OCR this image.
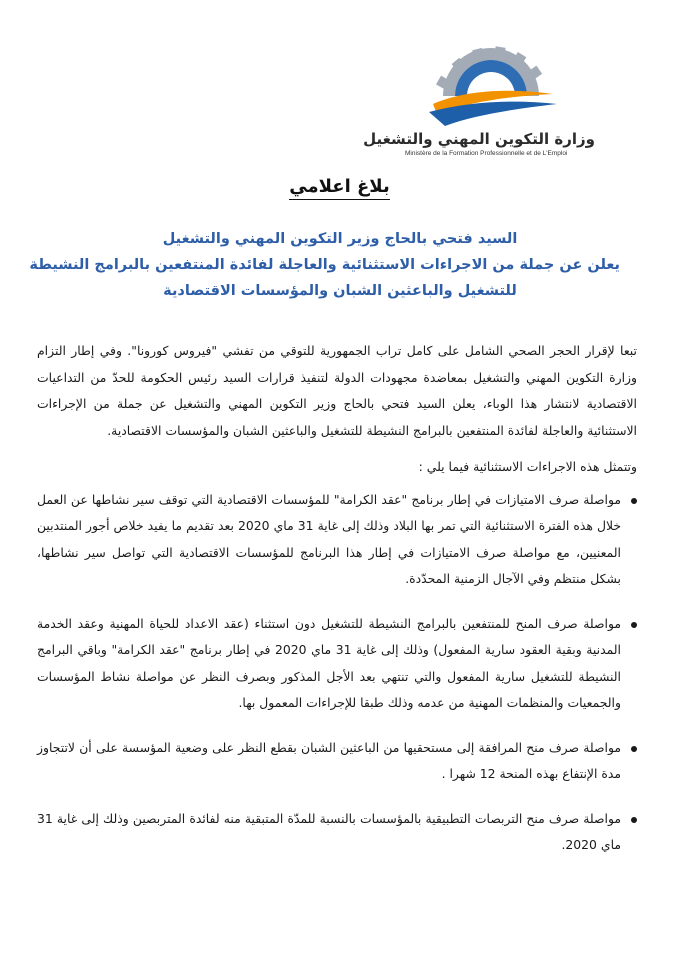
وزارة التكوين المهني والتشغيل
Ministère de la Formation Professionnelle et de L'Emploi
بلاغ اعلامي
السيد فتحي بالحاج وزير التكوين المهني والتشغيل
يعلن عن جملة من الاجراءات الاستثنائية والعاجلة لفائدة المنتفعين بالبرامج النشيطة
للتشغيل والباعثين الشبان والمؤسسات الاقتصادية

تبعا لإقرار الحجر الصحي الشامل على كامل تراب الجمهورية للتوقي من تفشي "فيروس كورونا". وفي إطار التزام وزارة التكوين المهني والتشغيل بمعاضدة مجهودات الدولة لتنفيذ قرارات السيد رئيس الحكومة للحدّ من التداعيات الاقتصادية لانتشار هذا الوباء، يعلن السيد فتحي بالحاج وزير التكوين المهني والتشغيل عن جملة من الإجراءات الاستثنائية والعاجلة لفائدة المنتفعين بالبرامج النشيطة للتشغيل والباعثين الشبان والمؤسسات الاقتصادية.

وتتمثل هذه الاجراءات الاستثنائية فيما يلي :

مواصلة صرف الامتيازات في إطار برنامج "عقد الكرامة" للمؤسسات الاقتصادية التي توقف سير نشاطها عن العمل خلال هذه الفترة الاستثنائية التي تمر بها البلاد وذلك إلى غاية 31 ماي 2020 بعد تقديم ما يفيد خلاص أجور المنتدبين المعنيين، مع مواصلة صرف الامتيازات في إطار هذا البرنامج للمؤسسات الاقتصادية التي تواصل سير نشاطها، بشكل منتظم وفي الآجال الزمنية المحدّدة.
مواصلة صرف المنح للمنتفعين بالبرامج النشيطة للتشغيل دون استثناء (عقد الاعداد للحياة المهنية وعقد الخدمة المدنية وبقية العقود سارية المفعول) وذلك إلى غاية 31 ماي 2020 في إطار برنامج "عقد الكرامة" وباقي البرامج النشيطة للتشغيل سارية المفعول والتي تنتهي بعد الأجل المذكور وبصرف النظر عن مواصلة نشاط المؤسسات والجمعيات والمنظمات المهنية من عدمه وذلك طبقا للإجراءات المعمول بها.
مواصلة صرف منح المرافقة إلى مستحقيها من الباعثين الشبان بقطع النظر على وضعية المؤسسة على أن لاتتجاوز مدة الإنتفاع بهذه المنحة 12 شهرا .
مواصلة صرف منح التربصات التطبيقية بالمؤسسات بالنسبة للمدّة المتبقية منه لفائدة المتربصين وذلك إلى غاية 31 ماي 2020.
